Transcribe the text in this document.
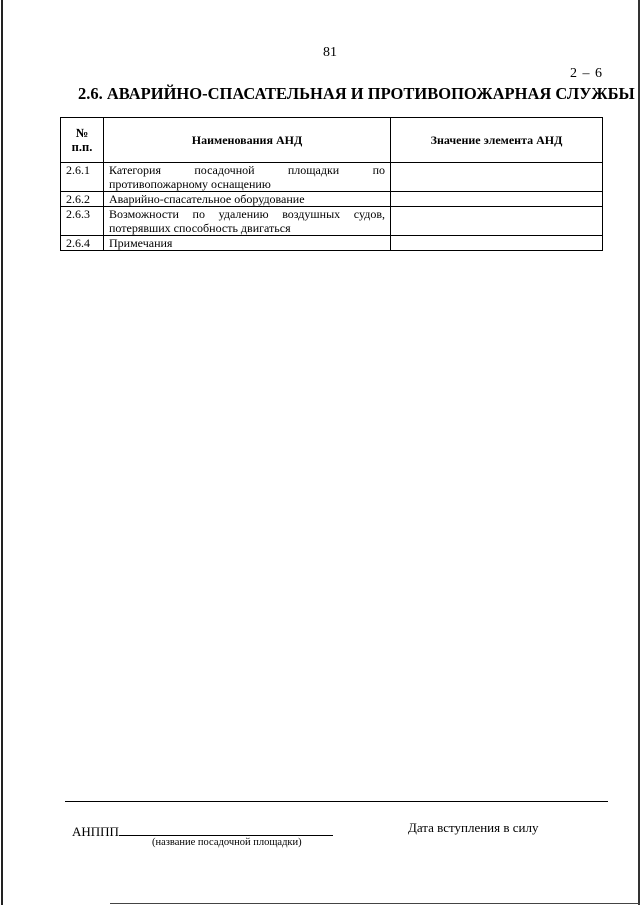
81
2 – 6
2.6. АВАРИЙНО-СПАСАТЕЛЬНАЯ И ПРОТИВОПОЖАРНАЯ СЛУЖБЫ
№
п.п.	Наименования АНД	Значение элемента АНД
2.6.1	Категория посадочной площадки по противопожарному оснащению	
2.6.2	Аварийно-спасательное оборудование	
2.6.3	Возможности по удалению воздушных судов, потерявших способность двигаться	
2.6.4	Примечания	
АНППП
(название посадочной площадки)
Дата вступления в силу
